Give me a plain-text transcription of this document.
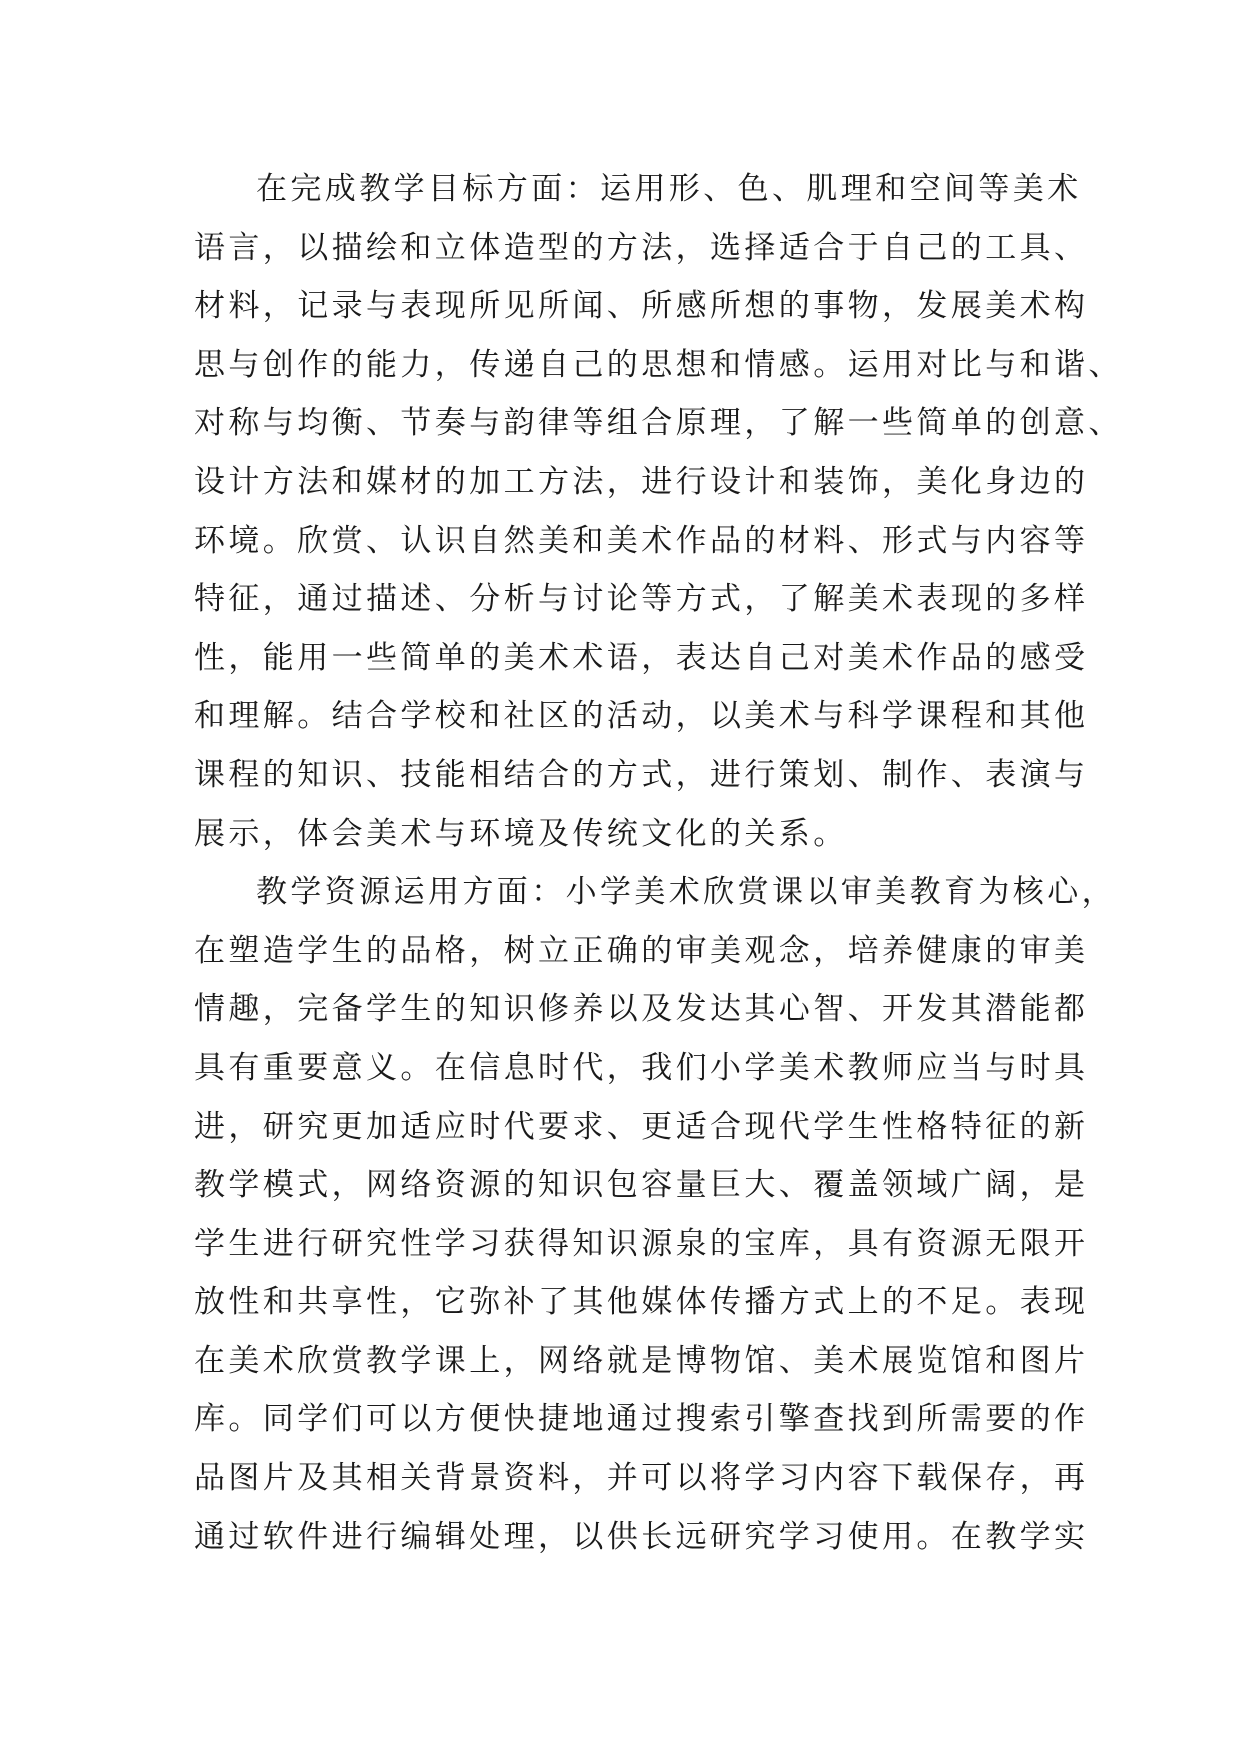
在完成教学目标方面：运用形、色、肌理和空间等美术
语言，以描绘和立体造型的方法，选择适合于自己的工具、
材料，记录与表现所见所闻、所感所想的事物，发展美术构
思与创作的能力，传递自己的思想和情感。运用对比与和谐、
对称与均衡、节奏与韵律等组合原理，了解一些简单的创意、
设计方法和媒材的加工方法，进行设计和装饰，美化身边的
环境。欣赏、认识自然美和美术作品的材料、形式与内容等
特征，通过描述、分析与讨论等方式，了解美术表现的多样
性，能用一些简单的美术术语，表达自己对美术作品的感受
和理解。结合学校和社区的活动，以美术与科学课程和其他
课程的知识、技能相结合的方式，进行策划、制作、表演与
展示，体会美术与环境及传统文化的关系。
教学资源运用方面：小学美术欣赏课以审美教育为核心，
在塑造学生的品格，树立正确的审美观念，培养健康的审美
情趣，完备学生的知识修养以及发达其心智、开发其潜能都
具有重要意义。在信息时代，我们小学美术教师应当与时具
进，研究更加适应时代要求、更适合现代学生性格特征的新
教学模式，网络资源的知识包容量巨大、覆盖领域广阔，是
学生进行研究性学习获得知识源泉的宝库，具有资源无限开
放性和共享性，它弥补了其他媒体传播方式上的不足。表现
在美术欣赏教学课上，网络就是博物馆、美术展览馆和图片
库。同学们可以方便快捷地通过搜索引擎查找到所需要的作
品图片及其相关背景资料，并可以将学习内容下载保存，再
通过软件进行编辑处理，以供长远研究学习使用。在教学实
